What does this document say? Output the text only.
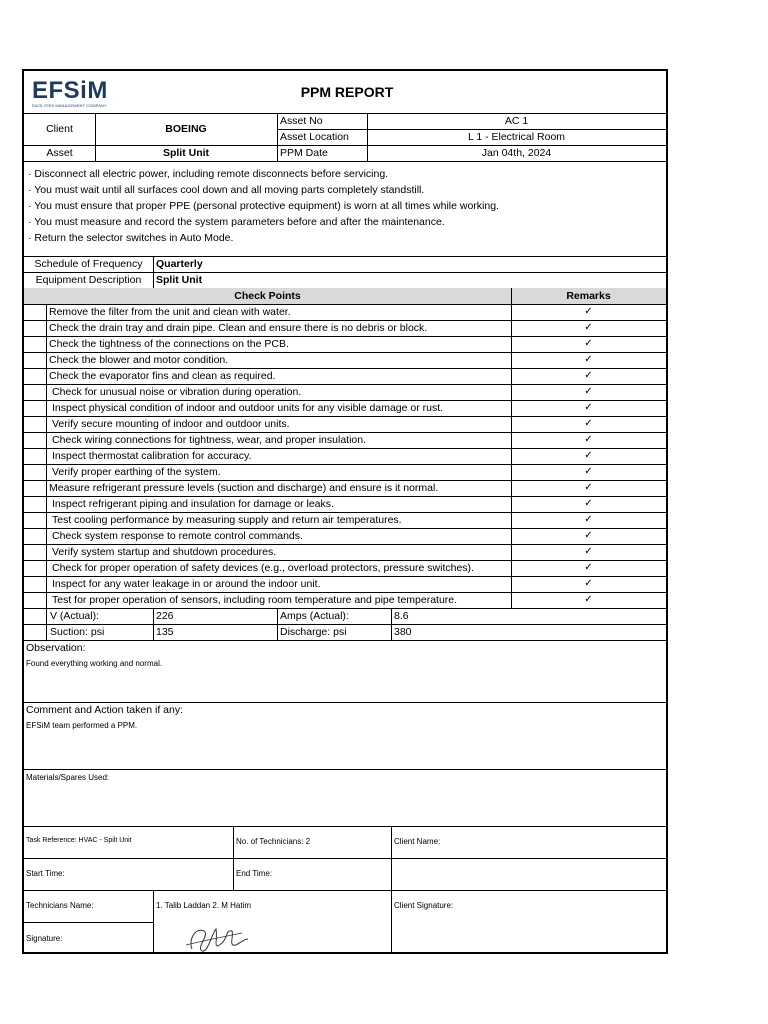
EFSiM
FACILITIES MANAGEMENT COMPANY
PPM REPORT
Client	BOEING
Asset	Split Unit
Asset No	AC 1
Asset Location	L 1 - Electrical Room
PPM Date	Jan 04th, 2024
· Disconnect all electric power, including remote disconnects before servicing.
· You must wait until all surfaces cool down and all moving parts completely standstill.
· You must ensure that proper PPE (personal protective equipment) is worn at all times while working.
· You must measure and record the system parameters before and after the maintenance.
· Return the selector switches in Auto Mode.
Schedule of Frequency	Quarterly
Equipment Description	Split Unit
Check Points	Remarks
Remove the filter from the unit and clean with water.	✓
Check the drain tray and drain pipe. Clean and ensure there is no debris or block.	✓
Check the tightness of the connections on the PCB.	✓
Check the blower and motor condition.	✓
Check the evaporator fins and clean as required.	✓
Check for unusual noise or vibration during operation.	✓
Inspect physical condition of indoor and outdoor units for any visible damage or rust.	✓
Verify secure mounting of indoor and outdoor units.	✓
Check wiring connections for tightness, wear, and proper insulation.	✓
Inspect thermostat calibration for accuracy.	✓
Verify proper earthing of the system.	✓
Measure refrigerant pressure levels (suction and discharge) and ensure is it normal.	✓
Inspect refrigerant piping and insulation for damage or leaks.	✓
Test cooling performance by measuring supply and return air temperatures.	✓
Check system response to remote control commands.	✓
Verify system startup and shutdown procedures.	✓
Check for proper operation of safety devices (e.g., overload protectors, pressure switches).	✓
Inspect for any water leakage in or around the indoor unit.	✓
Test for proper operation of sensors, including room temperature and pipe temperature.	✓
V (Actual):	226	Amps (Actual):	8.6
Suction: psi	135	Discharge: psi	380
Observation:
Found everything working and normal.
Comment and Action taken if any:
EFSiM team performed a PPM.
Materials/Spares Used:
Task Reference: HVAC - Spilt Unit	No. of Technicians: 2	Client Name:
Start Time:	End Time:
Technicians Name:	1. Talib Laddan 2. M Hatim	Client Signature:
Signature:
